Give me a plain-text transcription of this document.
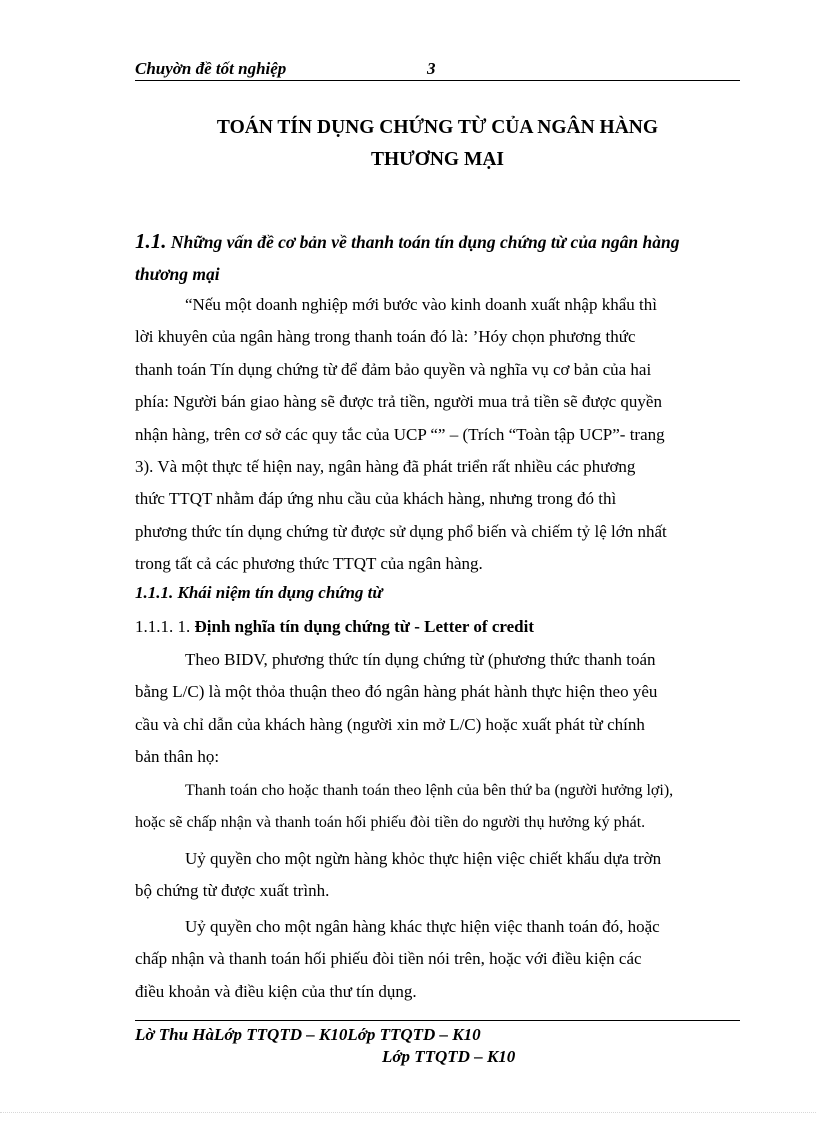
Chuyờn đề tốt nghiệp	3
TOÁN TÍN DỤNG CHỨNG TỪ CỦA NGÂN HÀNG
THƯƠNG MẠI
1.1. Những vấn đề cơ bản về thanh toán tín dụng chứng từ của ngân hàng
thương mại
“Nếu một doanh nghiệp mới bước vào kinh doanh xuất nhập khẩu thì
lời khuyên của ngân hàng trong thanh toán đó là: ’Hóy chọn phương thức
thanh toán Tín dụng chứng từ để đảm bảo quyền và nghĩa vụ cơ bản của hai
phía: Người bán giao hàng sẽ được trả tiền, người mua trả tiền sẽ được quyền
nhận hàng, trên cơ sở các quy tắc của UCP “” – (Trích “Toàn tập UCP”- trang
3). Và một thực tế hiện nay, ngân hàng đã phát triển rất nhiều các phương
thức TTQT nhằm đáp ứng nhu cầu của khách hàng, nhưng trong đó thì
phương thức tín dụng chứng từ được sử dụng phổ biến và chiếm tỷ lệ lớn nhất
trong tất cả các phương thức TTQT của ngân hàng.
1.1.1. Khái niệm tín dụng chứng từ
1.1.1. 1. Định nghĩa tín dụng chứng từ - Letter of credit
Theo BIDV, phương thức tín dụng chứng từ (phương thức thanh toán
bằng L/C) là một thỏa thuận theo đó ngân hàng phát hành thực hiện theo yêu
cầu và chỉ dẫn của khách hàng (người xin mở L/C) hoặc xuất phát từ chính
bản thân họ:
Thanh toán cho hoặc thanh toán theo lệnh của bên thứ ba (người hưởng lợi),
hoặc sẽ chấp nhận và thanh toán hối phiếu đòi tiền do người thụ hưởng ký phát.
Uỷ quyền cho một ngừn hàng khỏc thực hiện việc chiết khấu dựa trờn
bộ chứng từ được xuất trình.
Uỷ quyền cho một ngân hàng khác thực hiện việc thanh toán đó, hoặc
chấp nhận và thanh toán hối phiếu đòi tiền nói trên, hoặc với điều kiện các
điều khoản và điều kiện của thư tín dụng.
Lờ Thu HàLớp TTQTD – K10Lớp TTQTD – K10
Lớp TTQTD – K10
